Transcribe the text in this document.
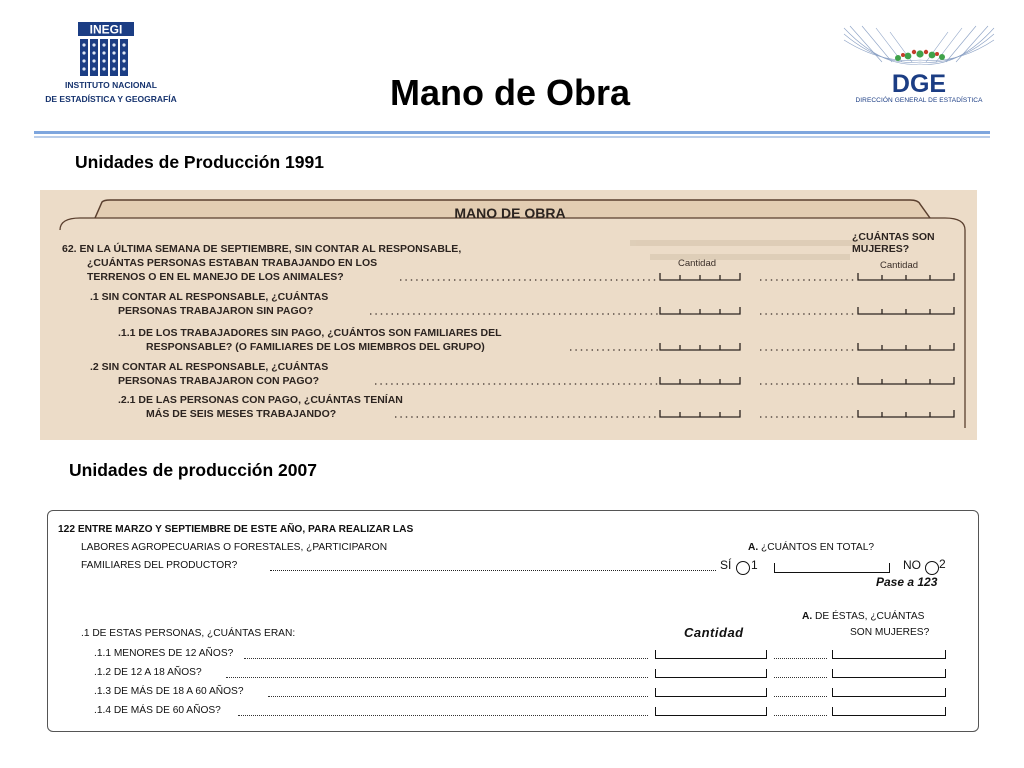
INEGI
INSTITUTO NACIONAL
DE ESTADÍSTICA Y GEOGRAFÍA	Mano de Obra	DGE
DIRECCIÓN GENERAL DE ESTADÍSTICA
Unidades de Producción 1991
MANO DE OBRA
62. EN LA ÚLTIMA SEMANA DE SEPTIEMBRE, SIN CONTAR AL RESPONSABLE,
¿CUÁNTAS PERSONAS ESTABAN TRABAJANDO EN LOS
TERRENOS O EN EL MANEJO DE LOS ANIMALES?
¿CUÁNTAS SON
MUJERES?
Cantidad	Cantidad
.1 SIN CONTAR AL RESPONSABLE, ¿CUÁNTAS
PERSONAS TRABAJARON SIN PAGO?
.1.1 DE LOS TRABAJADORES SIN PAGO, ¿CUÁNTOS SON FAMILIARES DEL
RESPONSABLE? (O FAMILIARES DE LOS MIEMBROS DEL GRUPO)
.2 SIN CONTAR AL RESPONSABLE, ¿CUÁNTAS
PERSONAS TRABAJARON CON PAGO?
.2.1 DE LAS PERSONAS CON PAGO, ¿CUÁNTAS TENÍAN
MÁS DE SEIS MESES TRABAJANDO?
Unidades de producción 2007
122 ENTRE MARZO Y SEPTIEMBRE DE ESTE AÑO, PARA REALIZAR LAS
LABORES AGROPECUARIAS O FORESTALES, ¿PARTICIPARON
FAMILIARES DEL PRODUCTOR?
A. ¿CUÁNTOS EN TOTAL?
SÍ 1	NO 2
Pase a 123
A. DE ÉSTAS, ¿CUÁNTAS
SON MUJERES?
.1 DE ESTAS PERSONAS, ¿CUÁNTAS ERAN:	Cantidad
.1.1 MENORES DE 12 AÑOS?
.1.2 DE 12 A 18 AÑOS?
.1.3 DE MÁS DE 18 A 60 AÑOS?
.1.4 DE MÁS DE 60 AÑOS?
